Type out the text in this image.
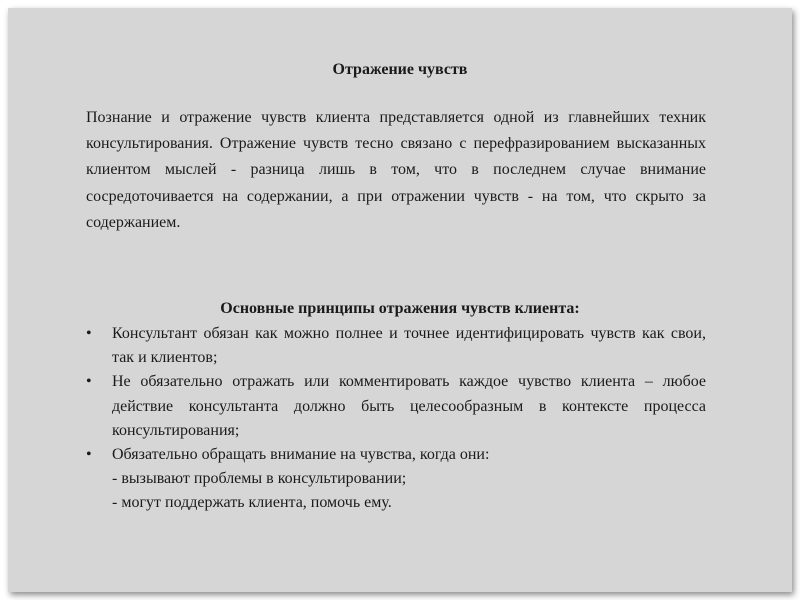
Отражение чувств
Познание и отражение чувств клиента представляется одной из главнейших техник консультирования. Отражение чувств тесно связано с перефразированием высказанных клиентом мыслей - разница лишь в том, что в последнем случае внимание сосредоточивается на содержании, а при отражении чувств - на том, что скрыто за содержанием.
Основные принципы отражения чувств клиента:
• Консультант обязан как можно полнее и точнее идентифицировать чувств как свои, так и клиентов;
• Не обязательно отражать или комментировать каждое чувство клиента – любое действие консультанта должно быть целесообразным в контексте процесса консультирования;
• Обязательно обращать внимание на чувства, когда они:
- вызывают проблемы в консультировании;
- могут поддержать клиента, помочь ему.
